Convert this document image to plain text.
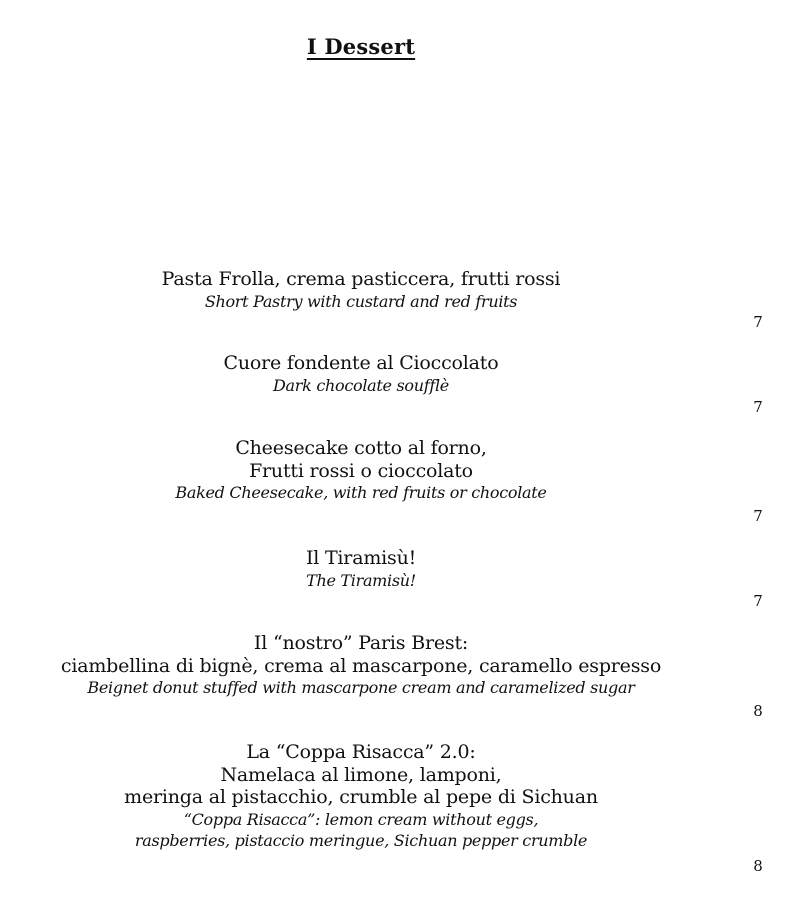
I Dessert
Pasta Frolla, crema pasticcera, frutti rossi
Short Pastry with custard and red fruits
7
Cuore fondente al Cioccolato
Dark chocolate soufflè
7
Cheesecake cotto al forno,
Frutti rossi o cioccolato
Baked Cheesecake, with red fruits or chocolate
7
Il Tiramisù!
The Tiramisù!
7
Il “nostro” Paris Brest:
ciambellina di bignè, crema al mascarpone, caramello espresso
Beignet donut stuffed with mascarpone cream and caramelized sugar
8
La “Coppa Risacca” 2.0:
Namelaca al limone, lamponi,
meringa al pistacchio, crumble al pepe di Sichuan
“Coppa Risacca”: lemon cream without eggs,
raspberries, pistaccio meringue, Sichuan pepper crumble
8
